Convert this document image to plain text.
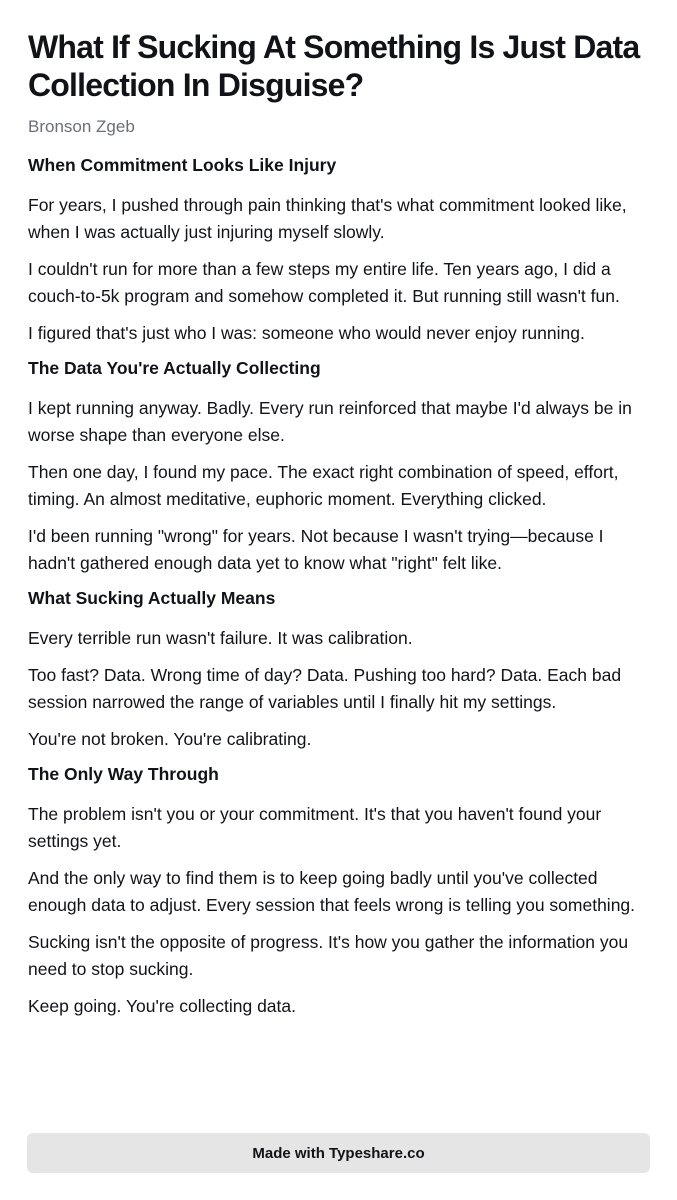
What If Sucking At Something Is Just Data Collection In Disguise?
Bronson Zgeb
When Commitment Looks Like Injury

For years, I pushed through pain thinking that's what commitment looked like, when I was actually just injuring myself slowly.

I couldn't run for more than a few steps my entire life. Ten years ago, I did a couch-to-5k program and somehow completed it. But running still wasn't fun.

I figured that's just who I was: someone who would never enjoy running.

The Data You're Actually Collecting

I kept running anyway. Badly. Every run reinforced that maybe I'd always be in worse shape than everyone else.

Then one day, I found my pace. The exact right combination of speed, effort, timing. An almost meditative, euphoric moment. Everything clicked.

I'd been running "wrong" for years. Not because I wasn't trying—because I hadn't gathered enough data yet to know what "right" felt like.

What Sucking Actually Means

Every terrible run wasn't failure. It was calibration.

Too fast? Data. Wrong time of day? Data. Pushing too hard? Data. Each bad session narrowed the range of variables until I finally hit my settings.

You're not broken. You're calibrating.

The Only Way Through

The problem isn't you or your commitment. It's that you haven't found your settings yet.

And the only way to find them is to keep going badly until you've collected enough data to adjust. Every session that feels wrong is telling you something.

Sucking isn't the opposite of progress. It's how you gather the information you need to stop sucking.

Keep going. You're collecting data.

Made with Typeshare.co
